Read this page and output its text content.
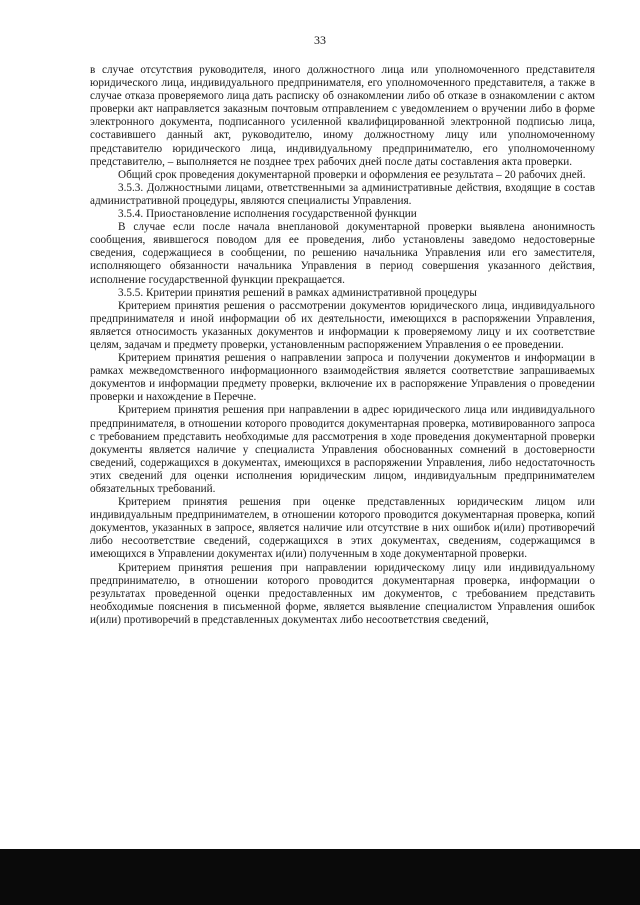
33

в случае отсутствия руководителя, иного должностного лица или уполномоченного представителя юридического лица, индивидуального предпринимателя, его уполномоченного представителя, а также в случае отказа проверяемого лица дать расписку об ознакомлении либо об отказе в ознакомлении с актом проверки акт направляется заказным почтовым отправлением с уведомлением о вручении либо в форме электронного документа, подписанного усиленной квалифицированной электронной подписью лица, составившего данный акт, руководителю, иному должностному лицу или уполномоченному представителю юридического лица, индивидуальному предпринимателю, его уполномоченному представителю, – выполняется не позднее трех рабочих дней после даты составления акта проверки.

Общий срок проведения документарной проверки и оформления ее результата – 20 рабочих дней.

3.5.3. Должностными лицами, ответственными за административные действия, входящие в состав административной процедуры, являются специалисты Управления.

3.5.4. Приостановление исполнения государственной функции

В случае если после начала внеплановой документарной проверки выявлена анонимность сообщения, явившегося поводом для ее проведения, либо установлены заведомо недостоверные сведения, содержащиеся в сообщении, по решению начальника Управления или его заместителя, исполняющего обязанности начальника Управления в период совершения указанного действия, исполнение государственной функции прекращается.

3.5.5. Критерии принятия решений в рамках административной процедуры

Критерием принятия решения о рассмотрении документов юридического лица, индивидуального предпринимателя и иной информации об их деятельности, имеющихся в распоряжении Управления, является относимость указанных документов и информации к проверяемому лицу и их соответствие целям, задачам и предмету проверки, установленным распоряжением Управления о ее проведении.

Критерием принятия решения о направлении запроса и получении документов и информации в рамках межведомственного информационного взаимодействия является соответствие запрашиваемых документов и информации предмету проверки, включение их в распоряжение Управления о проведении проверки и нахождение в Перечне.

Критерием принятия решения при направлении в адрес юридического лица или индивидуального предпринимателя, в отношении которого проводится документарная проверка, мотивированного запроса с требованием представить необходимые для рассмотрения в ходе проведения документарной проверки документы является наличие у специалиста Управления обоснованных сомнений в достоверности сведений, содержащихся в документах, имеющихся в распоряжении Управления, либо недостаточность этих сведений для оценки исполнения юридическим лицом, индивидуальным предпринимателем обязательных требований.

Критерием принятия решения при оценке представленных юридическим лицом или индивидуальным предпринимателем, в отношении которого проводится документарная проверка, копий документов, указанных в запросе, является наличие или отсутствие в них ошибок и(или) противоречий либо несоответствие сведений, содержащихся в этих документах, сведениям, содержащимся в имеющихся в Управлении документах и(или) полученным в ходе документарной проверки.

Критерием принятия решения при направлении юридическому лицу или индивидуальному предпринимателю, в отношении которого проводится документарная проверка, информации о результатах проведенной оценки предоставленных им документов, с требованием представить необходимые пояснения в письменной форме, является выявление специалистом Управления ошибок и(или) противоречий в представленных документах либо несоответствия сведений,
